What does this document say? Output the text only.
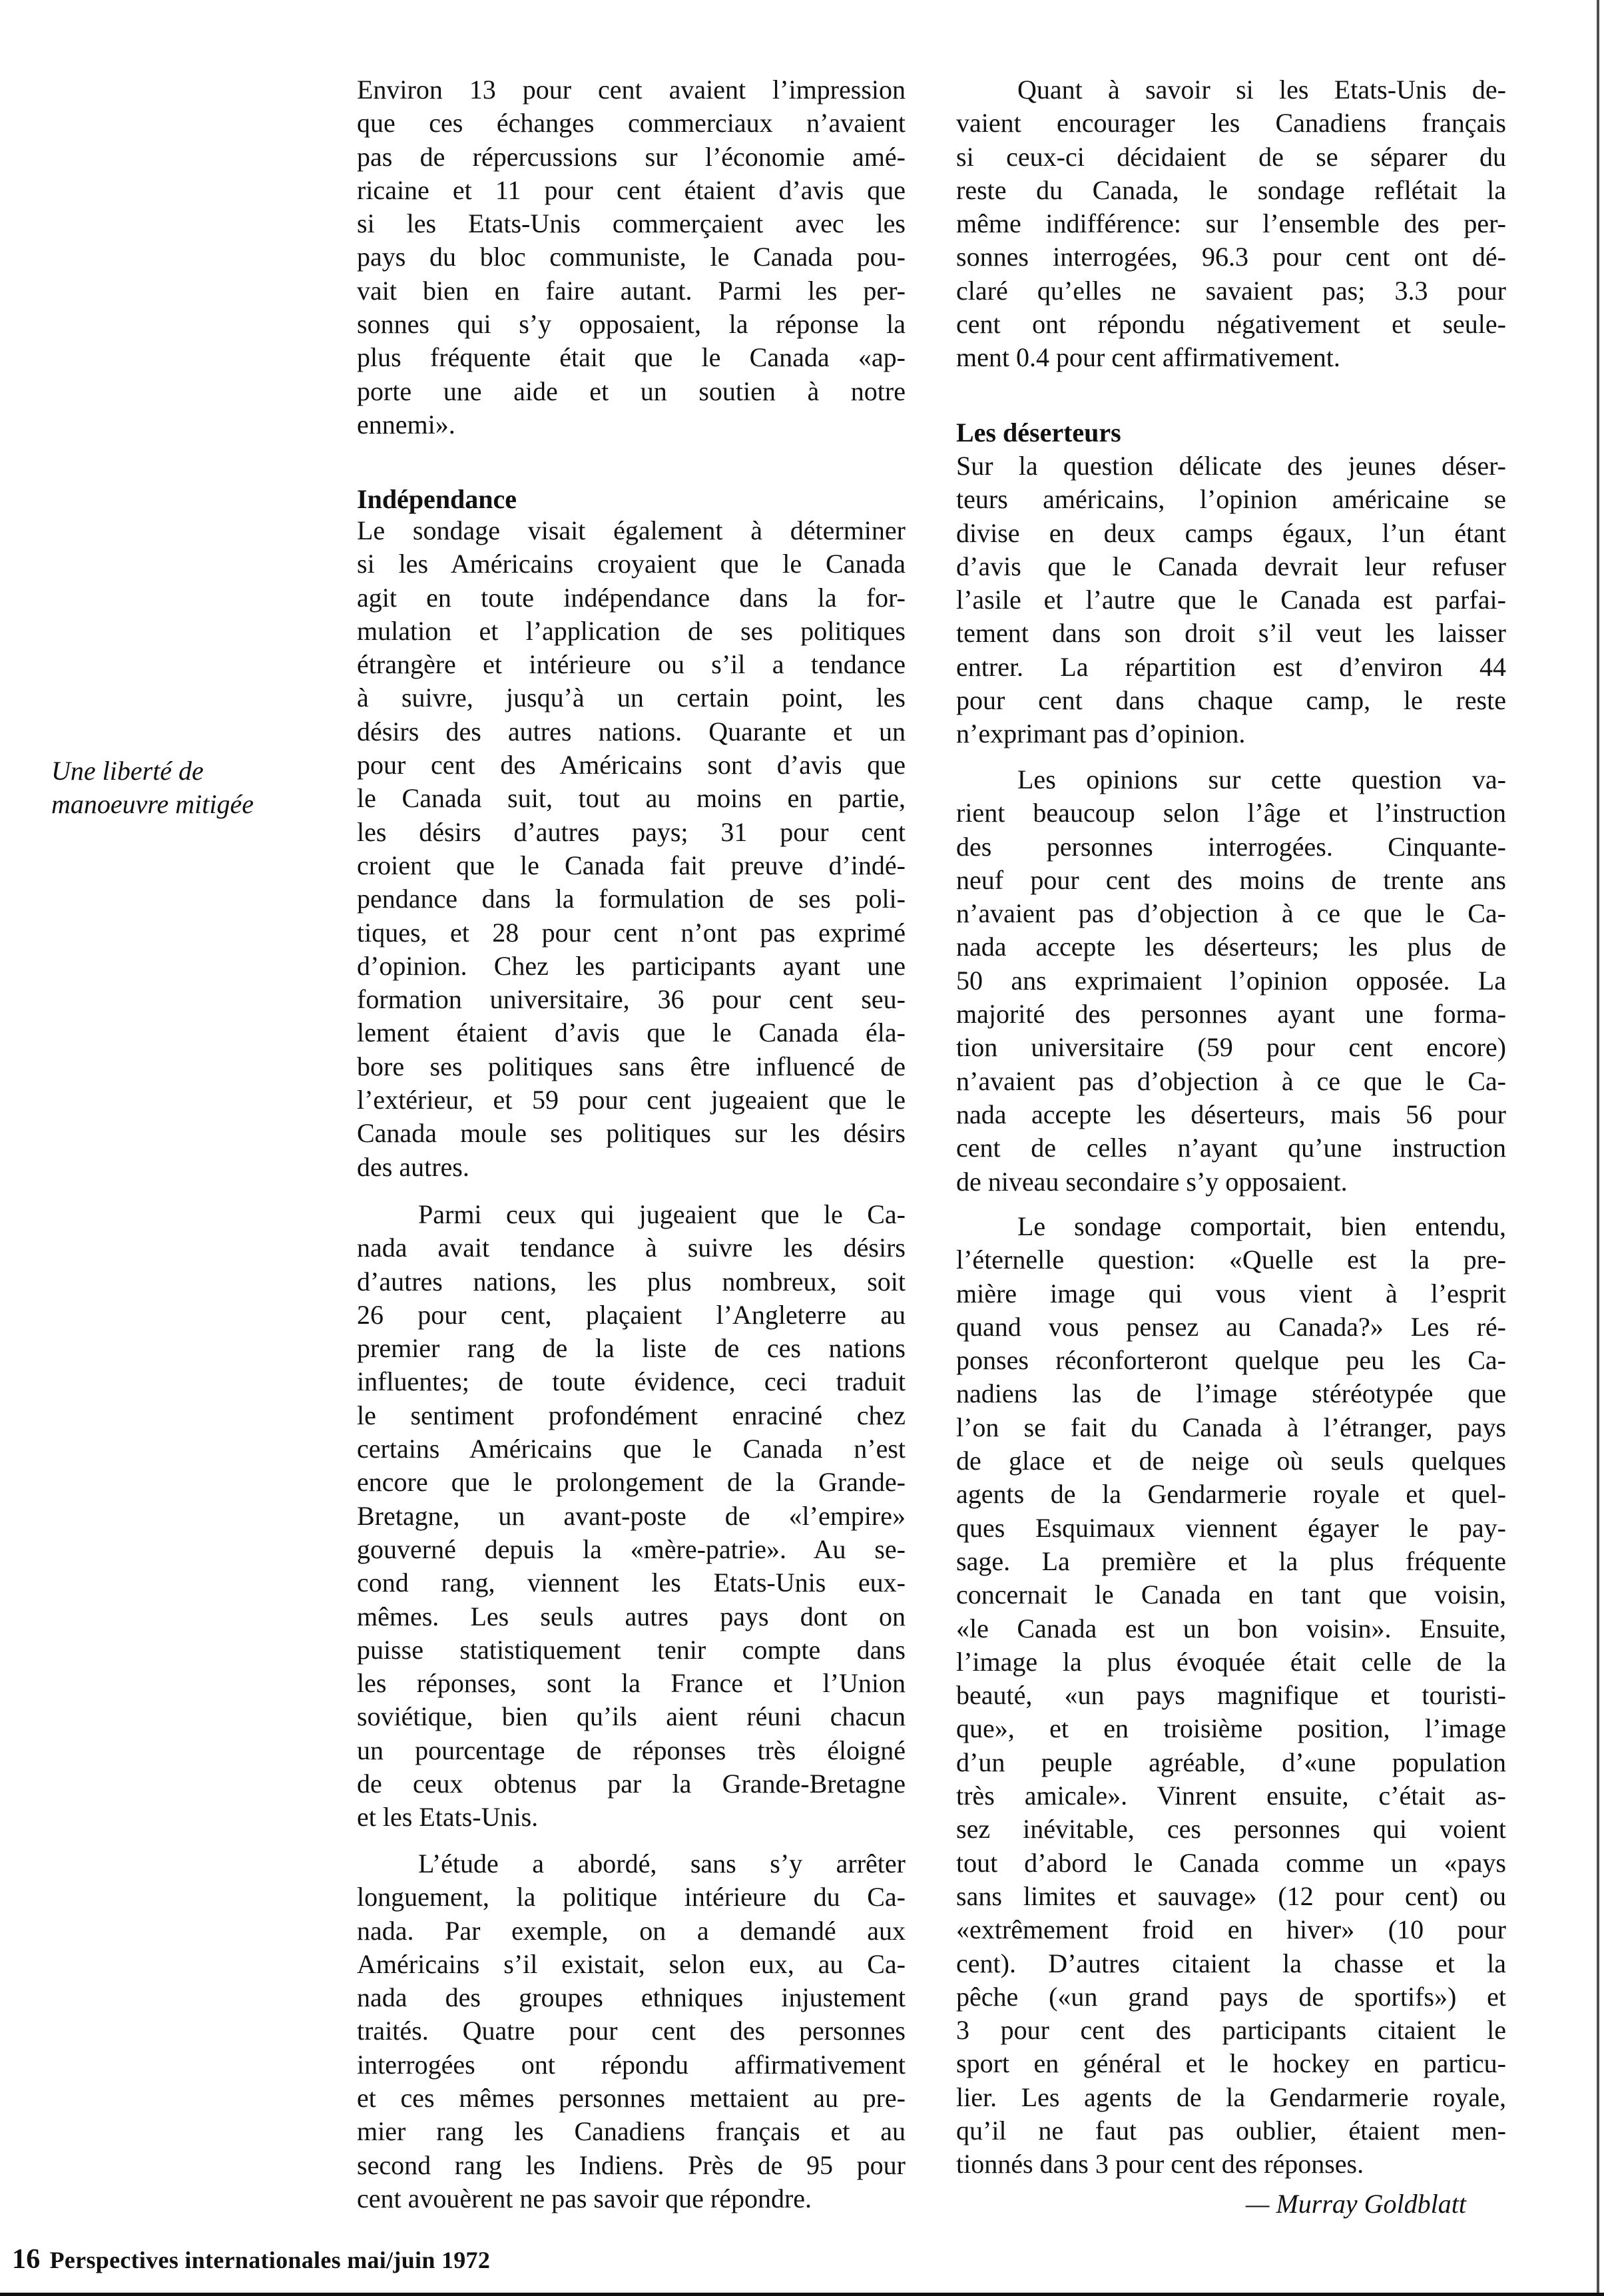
Une liberté de
manoeuvre mitigée
Environ 13 pour cent avaient l’impression
que ces échanges commerciaux n’avaient
pas de répercussions sur l’économie amé-
ricaine et 11 pour cent étaient d’avis que
si les Etats-Unis commerçaient avec les
pays du bloc communiste, le Canada pou-
vait bien en faire autant. Parmi les per-
sonnes qui s’y opposaient, la réponse la
plus fréquente était que le Canada «ap-
porte une aide et un soutien à notre
ennemi».
Indépendance
Le sondage visait également à déterminer
si les Américains croyaient que le Canada
agit en toute indépendance dans la for-
mulation et l’application de ses politiques
étrangère et intérieure ou s’il a tendance
à suivre, jusqu’à un certain point, les
désirs des autres nations. Quarante et un
pour cent des Américains sont d’avis que
le Canada suit, tout au moins en partie,
les désirs d’autres pays; 31 pour cent
croient que le Canada fait preuve d’indé-
pendance dans la formulation de ses poli-
tiques, et 28 pour cent n’ont pas exprimé
d’opinion. Chez les participants ayant une
formation universitaire, 36 pour cent seu-
lement étaient d’avis que le Canada éla-
bore ses politiques sans être influencé de
l’extérieur, et 59 pour cent jugeaient que le
Canada moule ses politiques sur les désirs
des autres.
Parmi ceux qui jugeaient que le Ca-
nada avait tendance à suivre les désirs
d’autres nations, les plus nombreux, soit
26 pour cent, plaçaient l’Angleterre au
premier rang de la liste de ces nations
influentes; de toute évidence, ceci traduit
le sentiment profondément enraciné chez
certains Américains que le Canada n’est
encore que le prolongement de la Grande-
Bretagne, un avant-poste de «l’empire»
gouverné depuis la «mère-patrie». Au se-
cond rang, viennent les Etats-Unis eux-
mêmes. Les seuls autres pays dont on
puisse statistiquement tenir compte dans
les réponses, sont la France et l’Union
soviétique, bien qu’ils aient réuni chacun
un pourcentage de réponses très éloigné
de ceux obtenus par la Grande-Bretagne
et les Etats-Unis.
L’étude a abordé, sans s’y arrêter
longuement, la politique intérieure du Ca-
nada. Par exemple, on a demandé aux
Américains s’il existait, selon eux, au Ca-
nada des groupes ethniques injustement
traités. Quatre pour cent des personnes
interrogées ont répondu affirmativement
et ces mêmes personnes mettaient au pre-
mier rang les Canadiens français et au
second rang les Indiens. Près de 95 pour
cent avouèrent ne pas savoir que répondre.
Quant à savoir si les Etats-Unis de-
vaient encourager les Canadiens français
si ceux-ci décidaient de se séparer du
reste du Canada, le sondage reflétait la
même indifférence: sur l’ensemble des per-
sonnes interrogées, 96.3 pour cent ont dé-
claré qu’elles ne savaient pas; 3.3 pour
cent ont répondu négativement et seule-
ment 0.4 pour cent affirmativement.
Les déserteurs
Sur la question délicate des jeunes déser-
teurs américains, l’opinion américaine se
divise en deux camps égaux, l’un étant
d’avis que le Canada devrait leur refuser
l’asile et l’autre que le Canada est parfai-
tement dans son droit s’il veut les laisser
entrer. La répartition est d’environ 44
pour cent dans chaque camp, le reste
n’exprimant pas d’opinion.
Les opinions sur cette question va-
rient beaucoup selon l’âge et l’instruction
des personnes interrogées. Cinquante-
neuf pour cent des moins de trente ans
n’avaient pas d’objection à ce que le Ca-
nada accepte les déserteurs; les plus de
50 ans exprimaient l’opinion opposée. La
majorité des personnes ayant une forma-
tion universitaire (59 pour cent encore)
n’avaient pas d’objection à ce que le Ca-
nada accepte les déserteurs, mais 56 pour
cent de celles n’ayant qu’une instruction
de niveau secondaire s’y opposaient.
Le sondage comportait, bien entendu,
l’éternelle question: «Quelle est la pre-
mière image qui vous vient à l’esprit
quand vous pensez au Canada?» Les ré-
ponses réconforteront quelque peu les Ca-
nadiens las de l’image stéréotypée que
l’on se fait du Canada à l’étranger, pays
de glace et de neige où seuls quelques
agents de la Gendarmerie royale et quel-
ques Esquimaux viennent égayer le pay-
sage. La première et la plus fréquente
concernait le Canada en tant que voisin,
«le Canada est un bon voisin». Ensuite,
l’image la plus évoquée était celle de la
beauté, «un pays magnifique et touristi-
que», et en troisième position, l’image
d’un peuple agréable, d’«une population
très amicale». Vinrent ensuite, c’était as-
sez inévitable, ces personnes qui voient
tout d’abord le Canada comme un «pays
sans limites et sauvage» (12 pour cent) ou
«extrêmement froid en hiver» (10 pour
cent). D’autres citaient la chasse et la
pêche («un grand pays de sportifs») et
3 pour cent des participants citaient le
sport en général et le hockey en particu-
lier. Les agents de la Gendarmerie royale,
qu’il ne faut pas oublier, étaient men-
tionnés dans 3 pour cent des réponses.
— Murray Goldblatt
16 Perspectives internationales mai/juin 1972
